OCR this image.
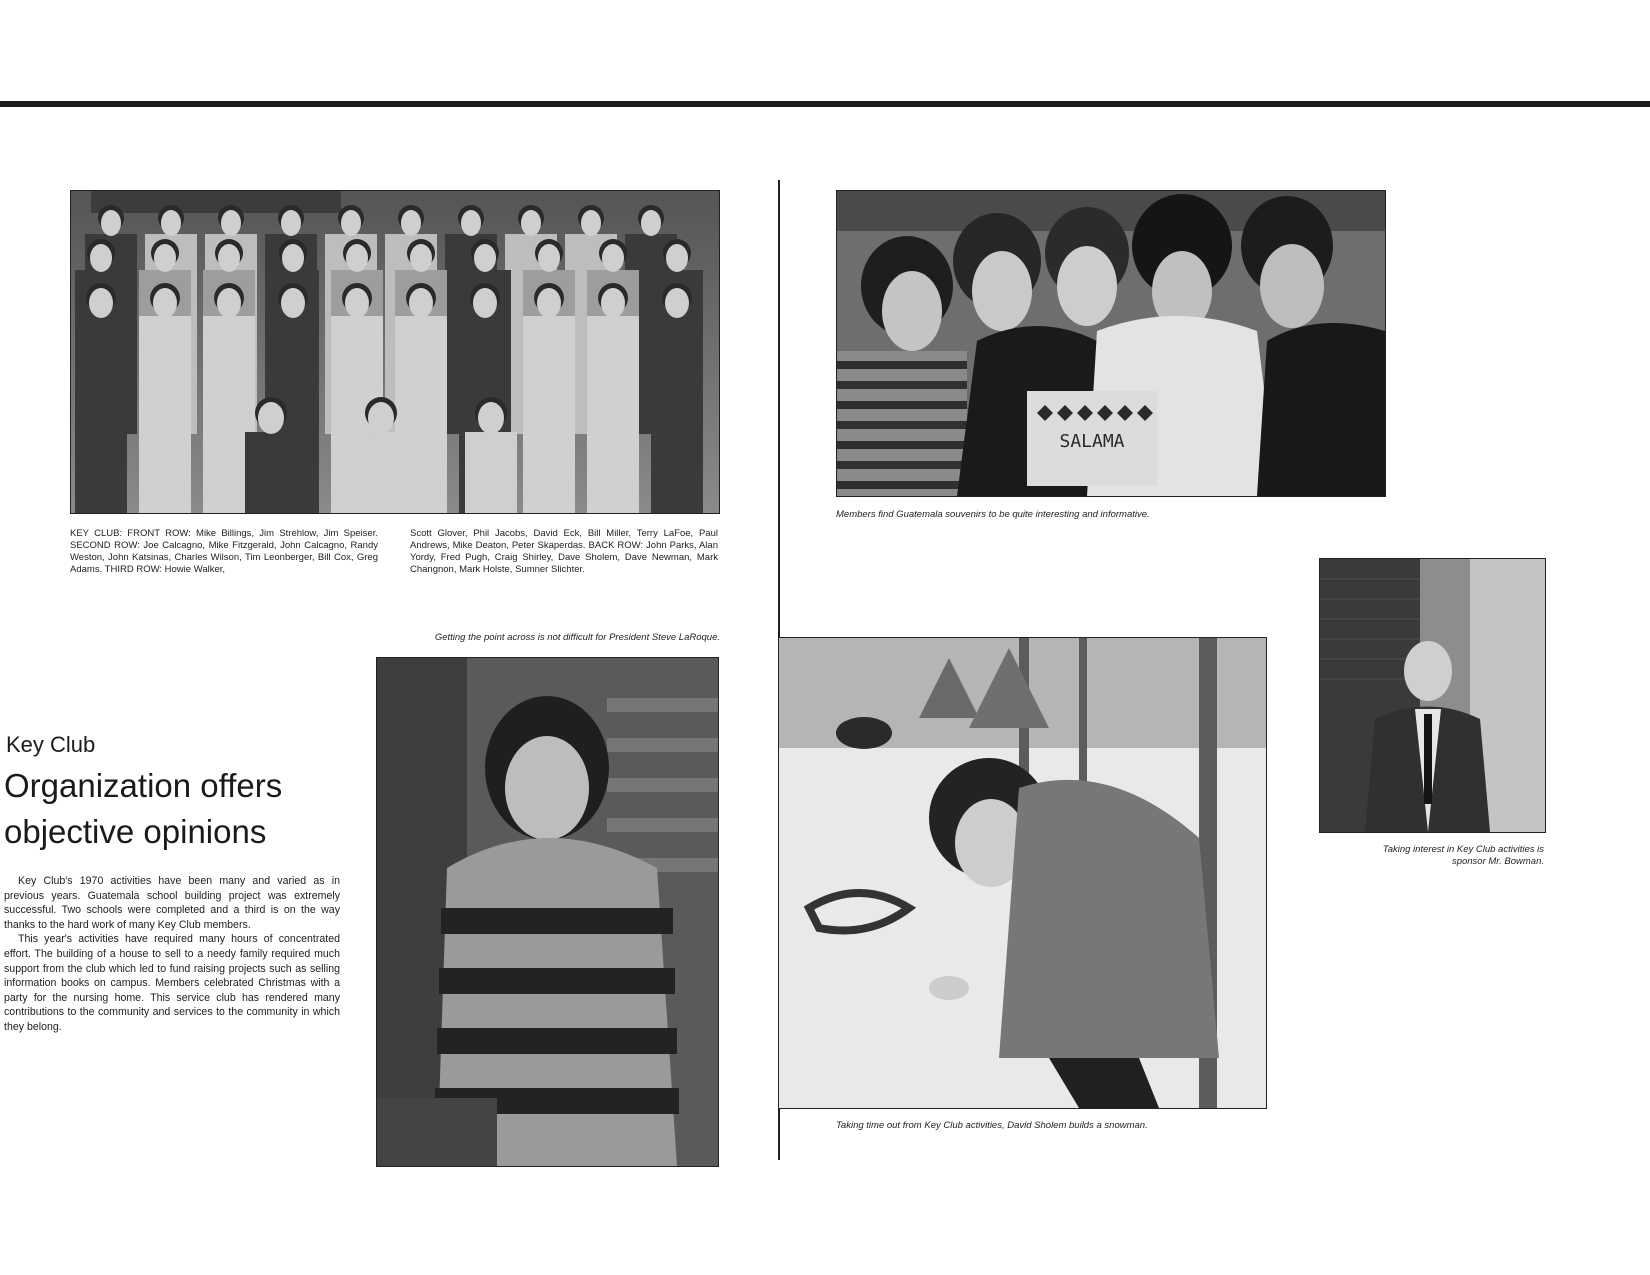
KEY CLUB: FRONT ROW: Mike Billings, Jim Strehlow, Jim Speiser. SECOND ROW: Joe Calcagno, Mike Fitzgerald, John Calcagno, Randy Weston, John Katsinas, Charles Wilson, Tim Leonberger, Bill Cox, Greg Adams. THIRD ROW: Howie Walker,
Scott Glover, Phil Jacobs, David Eck, Bill Miller, Terry LaFoe, Paul Andrews, Mike Deaton, Peter Skaperdas. BACK ROW: John Parks, Alan Yordy, Fred Pugh, Craig Shirley, Dave Sholem, Dave Newman, Mark Changnon, Mark Holste, Sumner Slichter.
Getting the point across is not difficult for President Steve LaRoque.
Key Club
Organization offers
objective opinions

Key Club's 1970 activities have been many and varied as in previous years. Guatemala school building project was extremely successful. Two schools were completed and a third is on the way thanks to the hard work of many Key Club members.

This year's activities have required many hours of concentrated effort. The building of a house to sell to a needy family required much support from the club which led to fund raising projects such as selling information books on campus. Members celebrated Christmas with a party for the nursing home. This service club has rendered many contributions to the community and services to the community in which they belong.

SALAMA
Members find Guatemala souvenirs to be quite interesting and informative.
Taking interest in Key Club activities is
sponsor Mr. Bowman.
Taking time out from Key Club activities, David Sholem builds a snowman.
